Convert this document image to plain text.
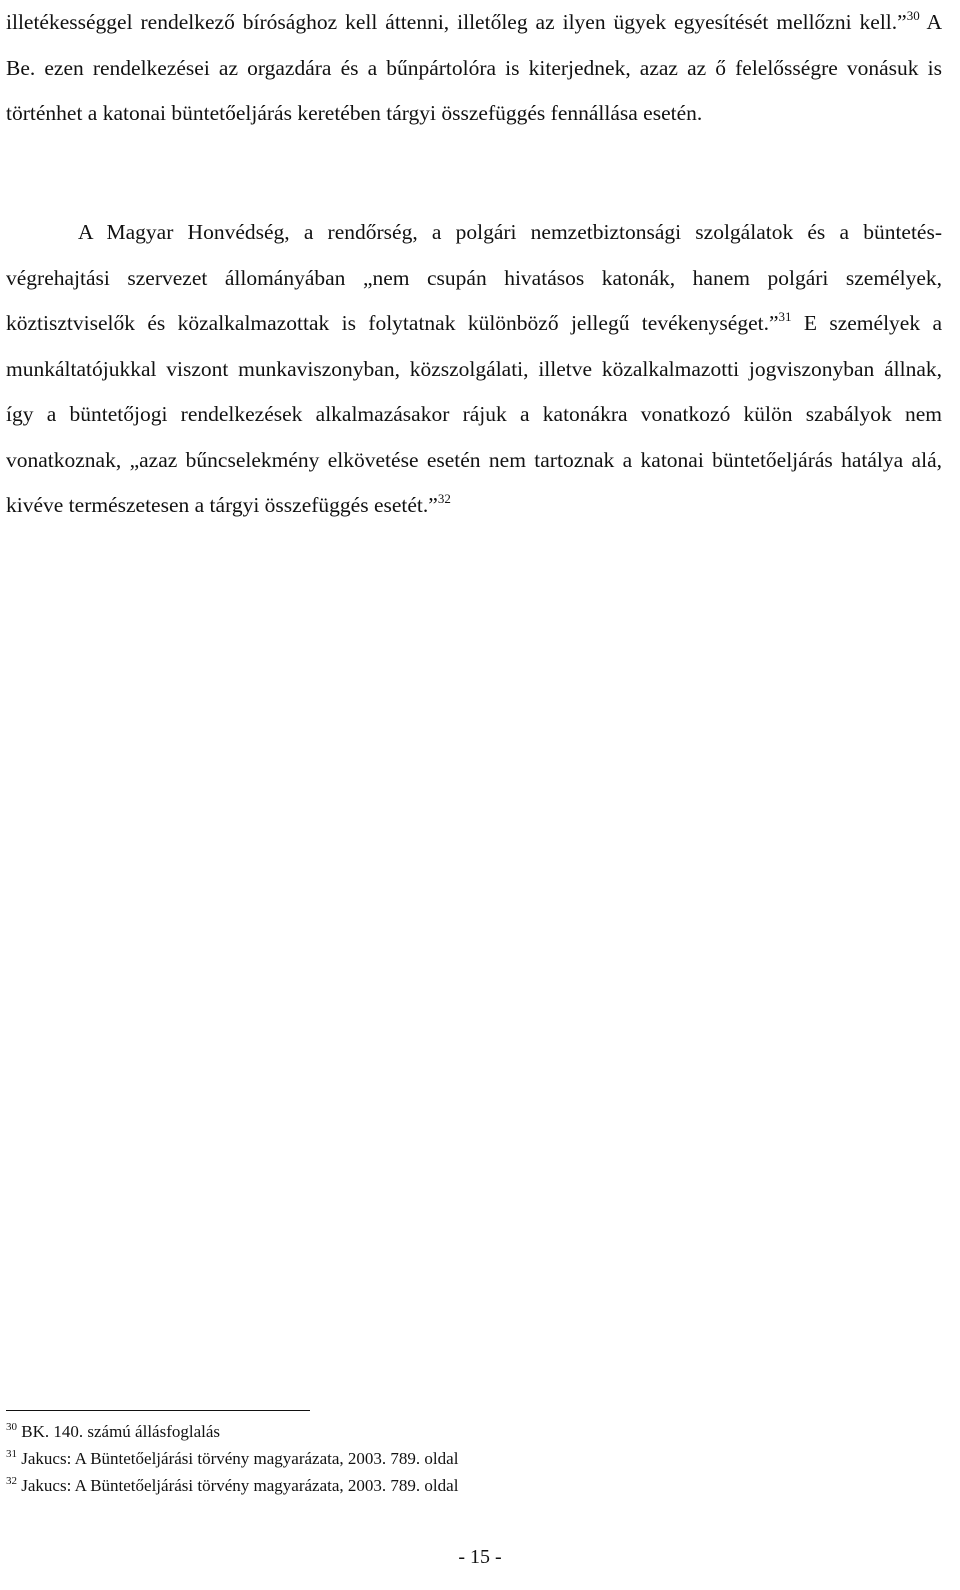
illetékességgel rendelkező bírósághoz kell áttenni, illetőleg az ilyen ügyek egyesítését mellőzni kell.”$^{30}$ A Be. ezen rendelkezései az orgazdára és a bűnpártolóra is kiterjednek, azaz az ő felelősségre vonásuk is történhet a katonai büntetőeljárás keretében tárgyi összefüggés fennállása esetén.

A Magyar Honvédség, a rendőrség, a polgári nemzetbiztonsági szolgálatok és a büntetés-végrehajtási szervezet állományában „nem csupán hivatásos katonák, hanem polgári személyek, köztisztviselők és közalkalmazottak is folytatnak különböző jellegű tevékenységet.”$^{31}$ E személyek a munkáltatójukkal viszont munkaviszonyban, közszolgálati, illetve közalkalmazotti jogviszonyban állnak, így a büntetőjogi rendelkezések alkalmazásakor rájuk a katonákra vonatkozó külön szabályok nem vonatkoznak, „azaz bűncselekmény elkövetése esetén nem tartoznak a katonai büntetőeljárás hatálya alá, kivéve természetesen a tárgyi összefüggés esetét.”$^{32}$

$^{30}$ BK. 140. számú állásfoglalás
$^{31}$ Jakucs: A Büntetőeljárási törvény magyarázata, 2003. 789. oldal
$^{32}$ Jakucs: A Büntetőeljárási törvény magyarázata, 2003. 789. oldal
- 15 -
